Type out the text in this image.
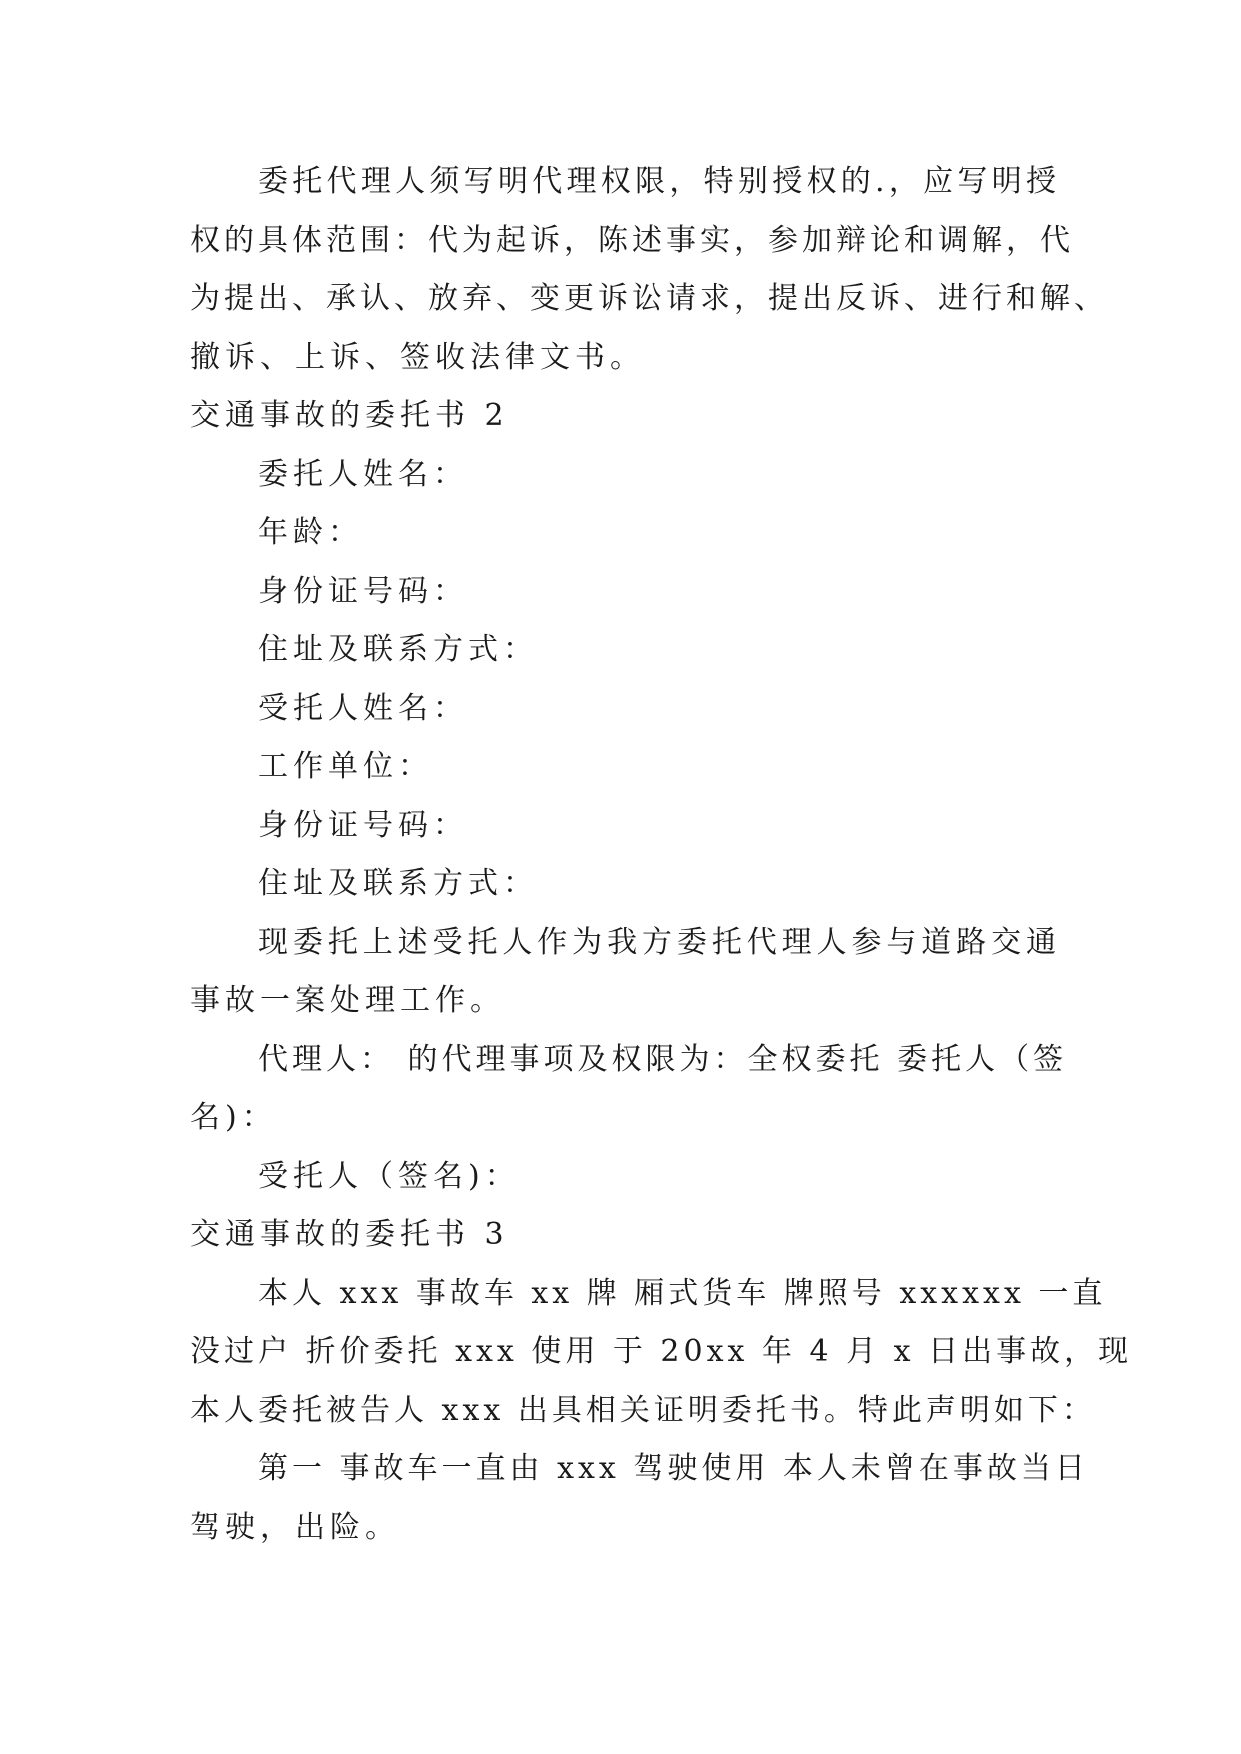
委托代理人须写明代理权限，特别授权的.，应写明授
权的具体范围：代为起诉，陈述事实，参加辩论和调解，代
为提出、承认、放弃、变更诉讼请求，提出反诉、进行和解、
撤诉、上诉、签收法律文书。
交通事故的委托书 2
委托人姓名：
年龄：
身份证号码：
住址及联系方式：
受托人姓名：
工作单位：
身份证号码：
住址及联系方式：
现委托上述受托人作为我方委托代理人参与道路交通
事故一案处理工作。
代理人： 的代理事项及权限为：全权委托 委托人（签
名)：
受托人（签名)：
交通事故的委托书 3
本人 xxx 事故车 xx 牌 厢式货车 牌照号 xxxxxx 一直
没过户 折价委托 xxx 使用 于 20xx 年 4 月 x 日出事故，现
本人委托被告人 xxx 出具相关证明委托书。特此声明如下：
第一 事故车一直由 xxx 驾驶使用 本人未曾在事故当日
驾驶，出险。
